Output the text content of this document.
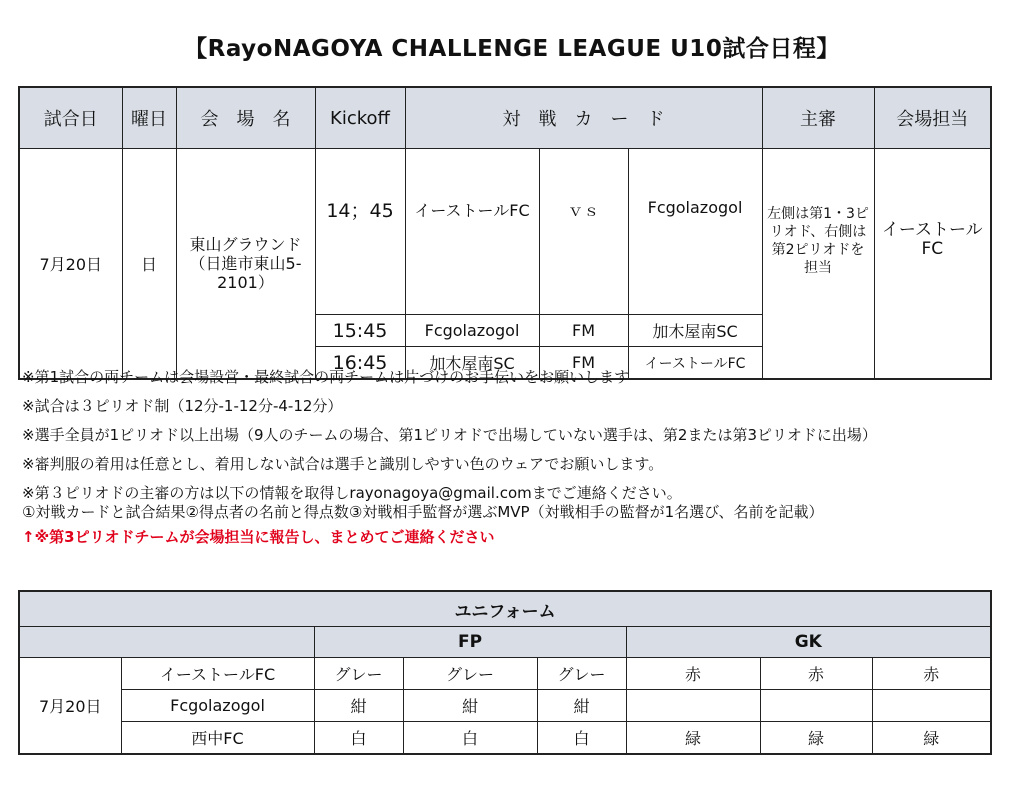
【RayoNAGOYA CHALLENGE LEAGUE U10試合日程】
試合日	曜日	会　場　名	Kickoff	対　戦　カ　ー　ド			主審	会場担当
7月20日	日	東山グラウンド（日進市東山5-2101）	14；45	イーストールFC	ｖｓ	Fcgolazogol	左側は第1・3ピリオド、右側は第2ピリオドを担当	イーストールFC
			15:45	Fcgolazogol	FM	加木屋南SC		
			16:45	加木屋南SC	FM	イーストールFC		

※第1試合の両チームは会場設営・最終試合の両チームは片づけのお手伝いをお願いします

※試合は３ピリオド制（12分-1-12分-4-12分）

※選手全員が1ピリオド以上出場（9人のチームの場合、第1ピリオドで出場していない選手は、第2または第3ピリオドに出場）

※審判服の着用は任意とし、着用しない試合は選手と識別しやすい色のウェアでお願いします。

※第３ピリオドの主審の方は以下の情報を取得しrayonagoya@gmail.comまでご連絡ください。

①対戦カードと試合結果②得点者の名前と得点数③対戦相手監督が選ぶMVP（対戦相手の監督が1名選び、名前を記載）

↑※第3ピリオドチームが会場担当に報告し、まとめてご連絡ください

ユニフォーム							
		FP			GK		
7月20日	イーストールFC	グレー	グレー	グレー	赤	赤	赤
	Fcgolazogol	紺	紺	紺			
	西中FC	白	白	白	緑	緑	緑
